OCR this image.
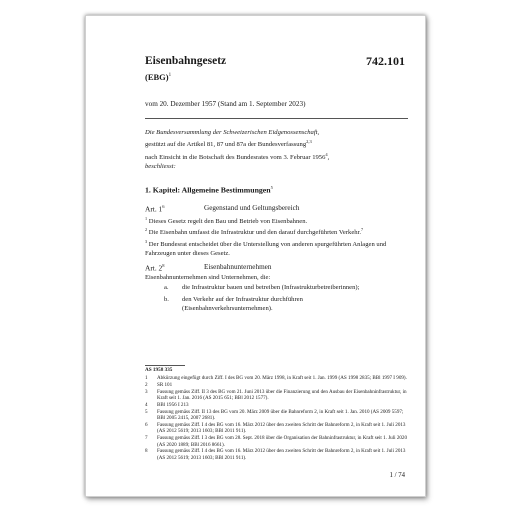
Eisenbahngesetz	742.101
(EBG)$^1$
vom 20. Dezember 1957 (Stand am 1. September 2023)
Die Bundesversammlung der Schweizerischen Eidgenossenschaft,
gestützt auf die Artikel 81, 87 und 87a der Bundesverfassung$^{2,3}$
nach Einsicht in die Botschaft des Bundesrates vom 3. Februar 1956$^4$,
beschliesst:
1. Kapitel: Allgemeine Bestimmungen$^5$
Art. $1^6$	Gegenstand und Geltungsbereich
$^1$ Dieses Gesetz regelt den Bau und Betrieb von Eisenbahnen.
$^2$ Die Eisenbahn umfasst die Infrastruktur und den darauf durchgeführten Verkehr.$^7$
$^3$ Der Bundesrat entscheidet über die Unterstellung von anderen spurgeführten Anlagen und Fahrzeugen unter dieses Gesetz.
Art. $2^8$	Eisenbahnunternehmen
Eisenbahnunternehmen sind Unternehmen, die:
a. die Infrastruktur bauen und betreiben (Infrastrukturbetreiberinnen);
b. den Verkehr auf der Infrastruktur durchführen (Eisenbahnverkehrsunternehmen).
AS 1958 335
1 Abkürzung eingefügt durch Ziff. I des BG vom 20. März 1998, in Kraft seit 1. Jan. 1999 (AS 1998 2835; BBl 1997 I 909).
2 SR 101
3 Fassung gemäss Ziff. II 3 des BG vom 21. Juni 2013 über die Finanzierung und den Ausbau der Eisenbahninfrastruktur, in Kraft seit 1. Jan. 2016 (AS 2015 651; BBl 2012 1577).
4 BBl 1956 I 213
5 Fassung gemäss Ziff. II 13 des BG vom 20. März 2009 über die Bahnreform 2, in Kraft seit 1. Jan. 2010 (AS 2009 5597; BBl 2005 2415, 2007 2681).
6 Fassung gemäss Ziff. I 4 des BG vom 16. März 2012 über den zweiten Schritt der Bahnreform 2, in Kraft seit 1. Juli 2013 (AS 2012 5619; 2013 1603; BBl 2011 911).
7 Fassung gemäss Ziff. I 3 des BG vom 28. Sept. 2018 über die Organisation der Bahninfrastruktur, in Kraft seit 1. Juli 2020 (AS 2020 1889; BBl 2016 8661).
8 Fassung gemäss Ziff. I 4 des BG vom 16. März 2012 über den zweiten Schritt der Bahnreform 2, in Kraft seit 1. Juli 2013 (AS 2012 5619; 2013 1603; BBl 2011 911).
1 / 74
